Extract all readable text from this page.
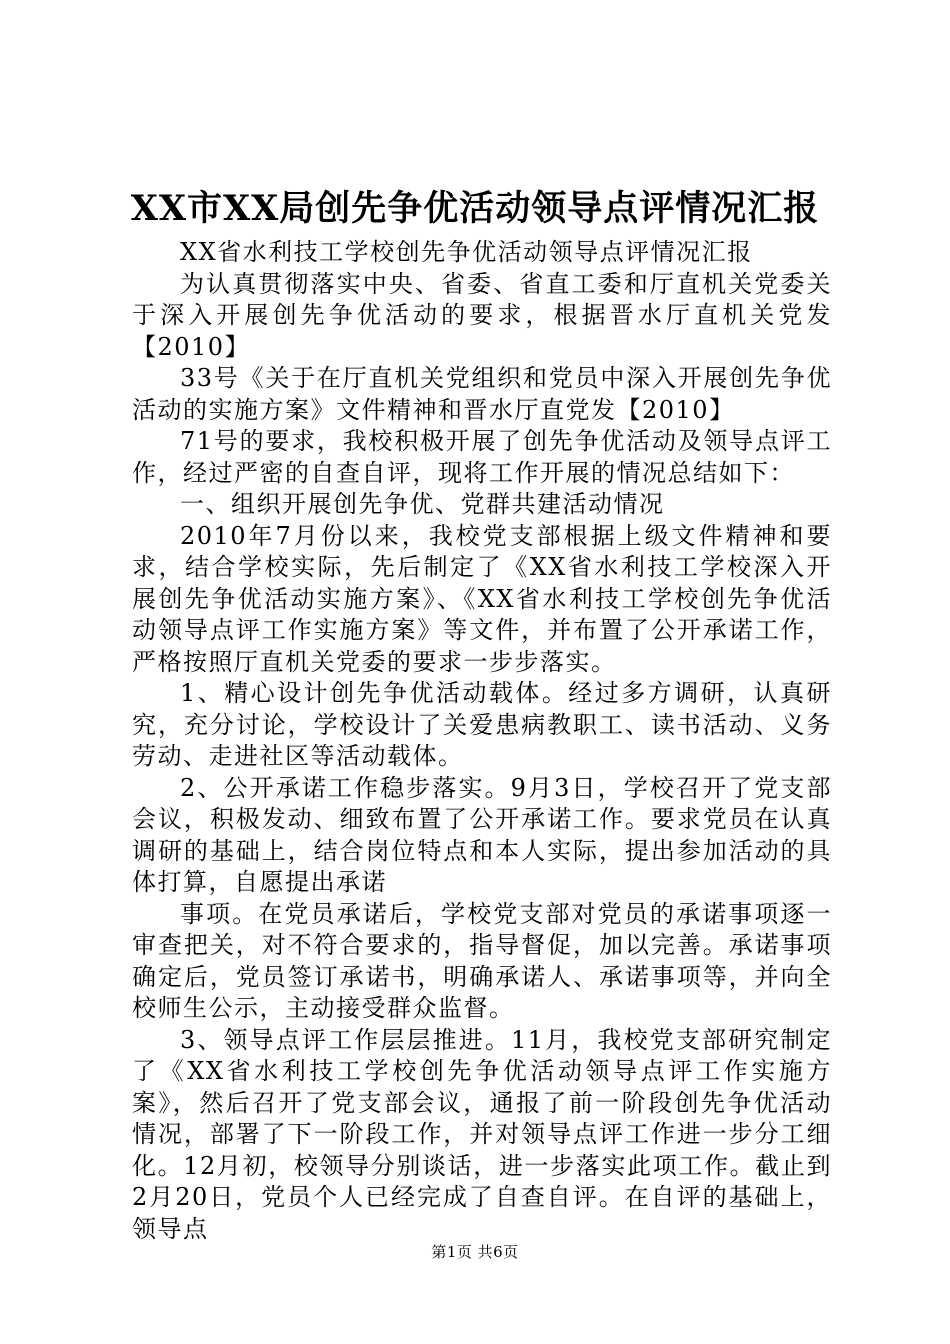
XX市XX局创先争优活动领导点评情况汇报

XX省水利技工学校创先争优活动领导点评情况汇报

为认真贯彻落实中央、省委、省直工委和厅直机关党委关于深入开展创先争优活动的要求，根据晋水厅直机关党发【2010】

33号《关于在厅直机关党组织和党员中深入开展创先争优活动的实施方案》文件精神和晋水厅直党发【2010】

71号的要求，我校积极开展了创先争优活动及领导点评工作，经过严密的自查自评，现将工作开展的情况总结如下：

一、组织开展创先争优、党群共建活动情况

2010年7月份以来，我校党支部根据上级文件精神和要求，结合学校实际，先后制定了《XX省水利技工学校深入开展创先争优活动实施方案》、《XX省水利技工学校创先争优活动领导点评工作实施方案》等文件，并布置了公开承诺工作，严格按照厅直机关党委的要求一步步落实。

1、精心设计创先争优活动载体。经过多方调研，认真研究，充分讨论，学校设计了关爱患病教职工、读书活动、义务劳动、走进社区等活动载体。

2、公开承诺工作稳步落实。9月3日，学校召开了党支部会议，积极发动、细致布置了公开承诺工作。要求党员在认真调研的基础上，结合岗位特点和本人实际，提出参加活动的具体打算，自愿提出承诺

事项。在党员承诺后，学校党支部对党员的承诺事项逐一审查把关，对不符合要求的，指导督促，加以完善。承诺事项确定后，党员签订承诺书，明确承诺人、承诺事项等，并向全校师生公示，主动接受群众监督。

3、领导点评工作层层推进。11月，我校党支部研究制定了《XX省水利技工学校创先争优活动领导点评工作实施方案》，然后召开了党支部会议，通报了前一阶段创先争优活动情况，部署了下一阶段工作，并对领导点评工作进一步分工细化。12月初，校领导分别谈话，进一步落实此项工作。截止到2月20日，党员个人已经完成了自查自评。在自评的基础上，领导点

第1页 共6页
